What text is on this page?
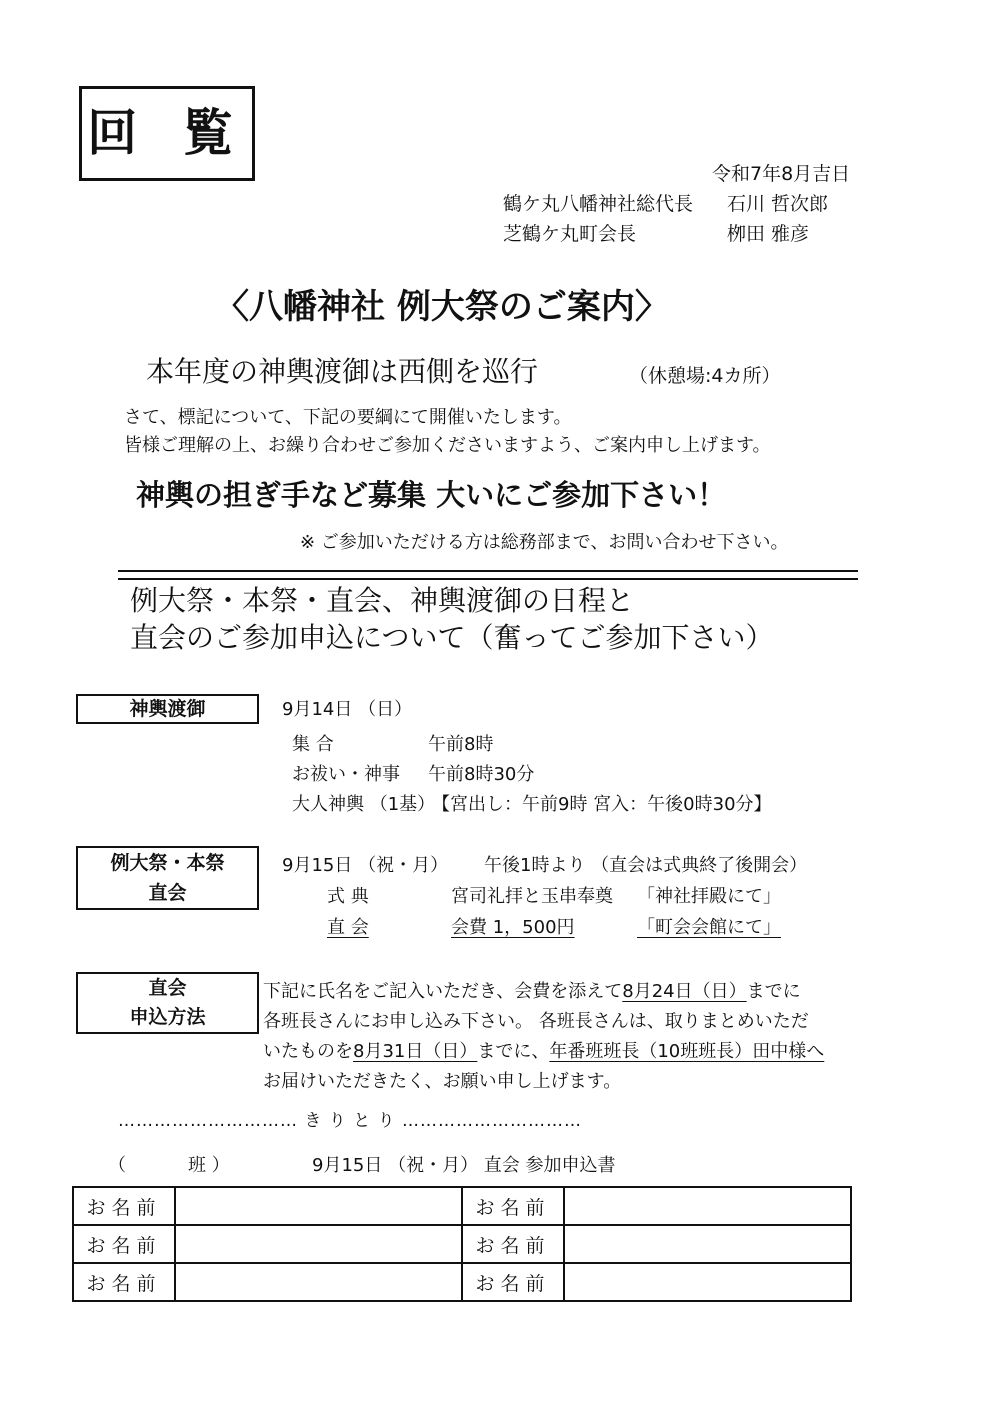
回 覧
令和7年8月吉日
鶴ケ丸八幡神社総代長 石川 哲次郎
芝鶴ケ丸町会長	栁田 雅彦
〈八幡神社 例大祭のご案内〉
本年度の神輿渡御は西側を巡行	（休憩場:4カ所）
さて、標記について、下記の要綱にて開催いたします。
皆様ご理解の上、お繰り合わせご参加くださいますよう、ご案内申し上げます。
神輿の担ぎ手など募集 大いにご参加下さい！
※ ご参加いただける方は総務部まで、お問い合わせ下さい。
例大祭・本祭・直会、神輿渡御の日程と
直会のご参加申込について（奮ってご参加下さい）
神輿渡御	9月14日 （日）
集 合	午前8時
お祓い・神事 午前8時30分
大人神輿 （1基）
【宮出し：午前9時 宮入：午後0時30分】
例大祭・本祭
直会
9月15日 （祝・月） 午後1時より （直会は式典終了後開会）
式 典	宮司礼拝と玉串奉奠 「神社拝殿にて」
直 会	会費 1，500円	「町会会館にて」
直会
申込方法
下記に氏名をご記入いただき、会費を添えて8月24日（日）までに
各班長さんにお申し込み下さい。 各班長さんは、取りまとめいただ
いたものを8月31日（日）までに、年番班班長（10班班長）田中様へ
お届けいただきたく、お願い申し上げます。
………………………… き り と り …………………………
（	班 ）	9月15日 （祝・月） 直会 参加申込書
お名前		お名前	
お名前		お名前	
お名前		お名前	
